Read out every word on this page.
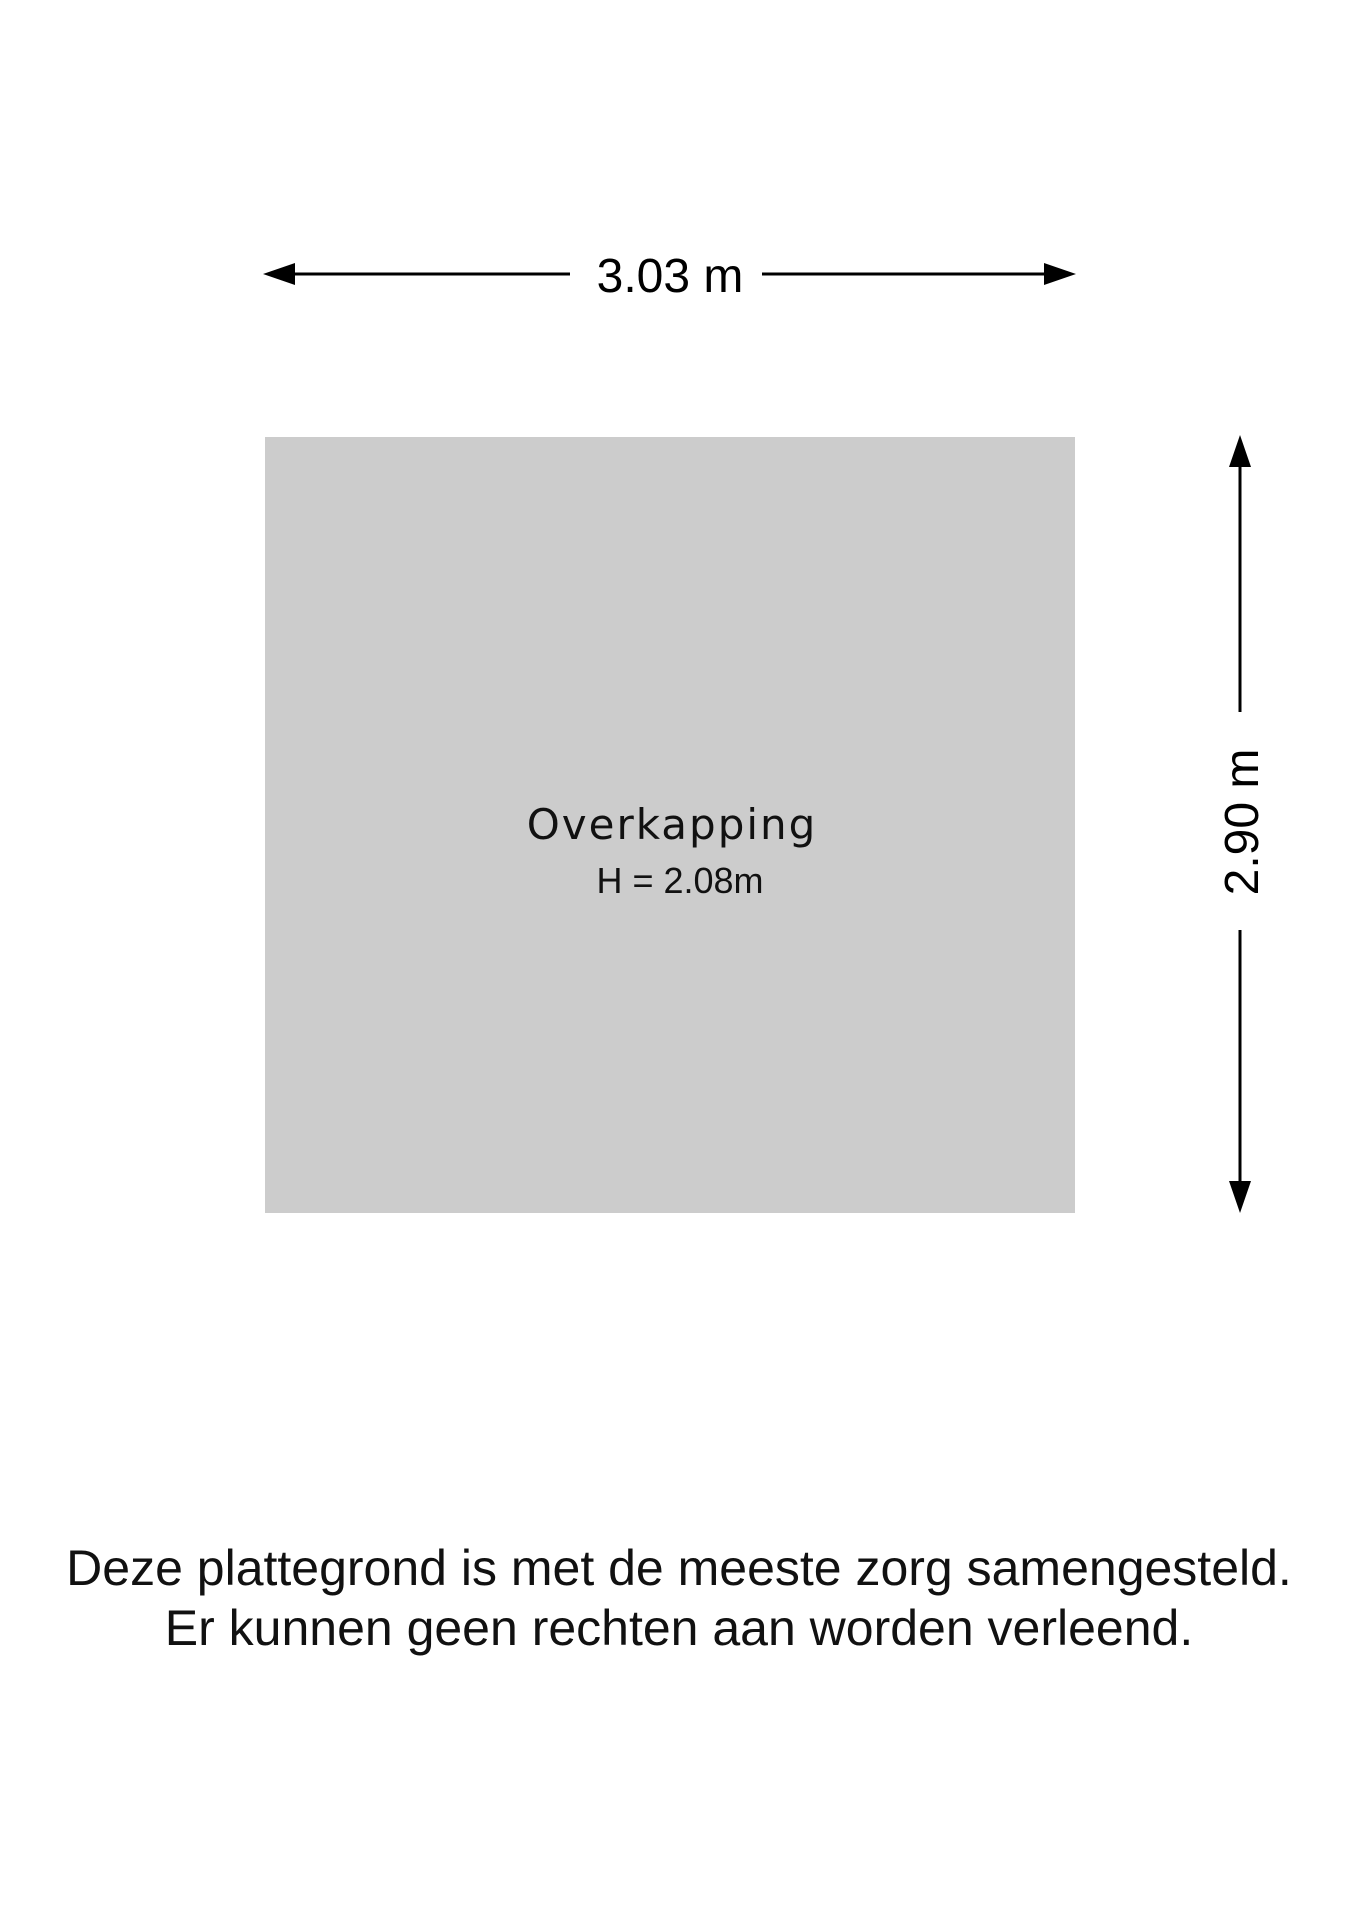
3.03 m
Overkapping
H = 2.08m	2.90 m
Deze plattegrond is met de meeste zorg samengesteld.
Er kunnen geen rechten aan worden verleend.
